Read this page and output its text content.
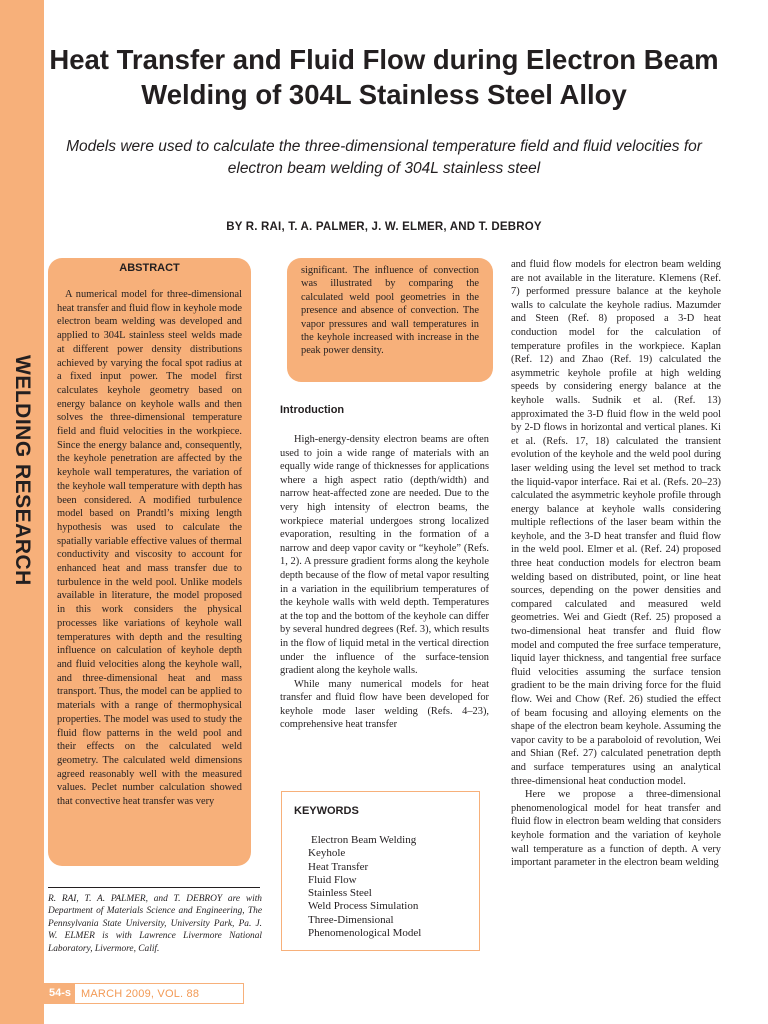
WELDING RESEARCH
Heat Transfer and Fluid Flow during Electron Beam Welding of 304L Stainless Steel Alloy
Models were used to calculate the three-dimensional temperature field and fluid velocities for electron beam welding of 304L stainless steel
BY R. RAI, T. A. PALMER, J. W. ELMER, AND T. DEBROY
ABSTRACT

A numerical model for three-dimensional heat transfer and fluid flow in keyhole mode electron beam welding was developed and applied to 304L stainless steel welds made at different power density distributions achieved by varying the focal spot radius at a fixed input power. The model first calculates keyhole geometry based on energy balance on keyhole walls and then solves the three-dimensional temperature field and fluid velocities in the workpiece. Since the energy balance and, consequently, the keyhole penetration are affected by the keyhole wall temperatures, the variation of the keyhole wall temperature with depth has been considered. A modified turbulence model based on Prandtl’s mixing length hypothesis was used to calculate the spatially variable effective values of thermal conductivity and viscosity to account for enhanced heat and mass transfer due to turbulence in the weld pool. Unlike models available in literature, the model proposed in this work considers the physical processes like variations of keyhole wall temperatures with depth and the resulting influence on calculation of keyhole depth and fluid velocities along the keyhole wall, and three-dimensional heat and mass transport. Thus, the model can be applied to materials with a range of thermophysical properties. The model was used to study the fluid flow patterns in the weld pool and their effects on the calculated weld geometry. The calculated weld dimensions agreed reasonably well with the measured values. Peclet number calculation showed that convective heat transfer was very

significant. The influence of convection was illustrated by comparing the calculated weld pool geometries in the presence and absence of convection. The vapor pressures and wall temperatures in the keyhole increased with increase in the peak power density.

Introduction

High-energy-density electron beams are often used to join a wide range of materials with an equally wide range of thicknesses for applications where a high aspect ratio (depth/width) and narrow heat-affected zone are needed. Due to the very high intensity of electron beams, the workpiece material undergoes strong localized evaporation, resulting in the formation of a narrow and deep vapor cavity or “keyhole” (Refs. 1, 2). A pressure gradient forms along the keyhole depth because of the flow of metal vapor resulting in a variation in the equilibrium temperatures of the keyhole walls with weld depth. Temperatures at the top and the bottom of the keyhole can differ by several hundred degrees (Ref. 3), which results in the flow of liquid metal in the vertical direction under the influence of the surface-tension gradient along the keyhole walls.

While many numerical models for heat transfer and fluid flow have been developed for keyhole mode laser welding (Refs. 4–23), comprehensive heat transfer

KEYWORDS
Electron Beam Welding
Keyhole
Heat Transfer
Fluid Flow
Stainless Steel
Weld Process Simulation
Three-Dimensional
Phenomenological Model

and fluid flow models for electron beam welding are not available in the literature. Klemens (Ref. 7) performed pressure balance at the keyhole walls to calculate the keyhole radius. Mazumder and Steen (Ref. 8) proposed a 3-D heat conduction model for the calculation of temperature profiles in the workpiece. Kaplan (Ref. 12) and Zhao (Ref. 19) calculated the asymmetric keyhole profile at high welding speeds by considering energy balance at the keyhole walls. Sudnik et al. (Ref. 13) approximated the 3-D fluid flow in the weld pool by 2-D flows in horizontal and vertical planes. Ki et al. (Refs. 17, 18) calculated the transient evolution of the keyhole and the weld pool during laser welding using the level set method to track the liquid-vapor interface. Rai et al. (Refs. 20–23) calculated the asymmetric keyhole profile through energy balance at keyhole walls considering multiple reflections of the laser beam within the keyhole, and the 3-D heat transfer and fluid flow in the weld pool. Elmer et al. (Ref. 24) proposed three heat conduction models for electron beam welding based on distributed, point, or line heat sources, depending on the power densities and compared calculated and measured weld geometries. Wei and Giedt (Ref. 25) proposed a two-dimensional heat transfer and fluid flow model and computed the free surface temperature, liquid layer thickness, and tangential free surface fluid velocities assuming the surface tension gradient to be the main driving force for the fluid flow. Wei and Chow (Ref. 26) studied the effect of beam focusing and alloying elements on the shape of the electron beam keyhole. Assuming the vapor cavity to be a paraboloid of revolution, Wei and Shian (Ref. 27) calculated penetration depth and surface temperatures using an analytical three-dimensional heat conduction model.

Here we propose a three-dimensional phenomenological model for heat transfer and fluid flow in electron beam welding that considers keyhole formation and the variation of keyhole wall temperature as a function of depth. A very important parameter in the electron beam welding

R. RAI, T. A. PALMER, and T. DEBROY are with Department of Materials Science and Engineering, The Pennsylvania State University, University Park, Pa. J. W. ELMER is with Lawrence Livermore National Laboratory, Livermore, Calif.

54-s MARCH 2009, VOL. 88
